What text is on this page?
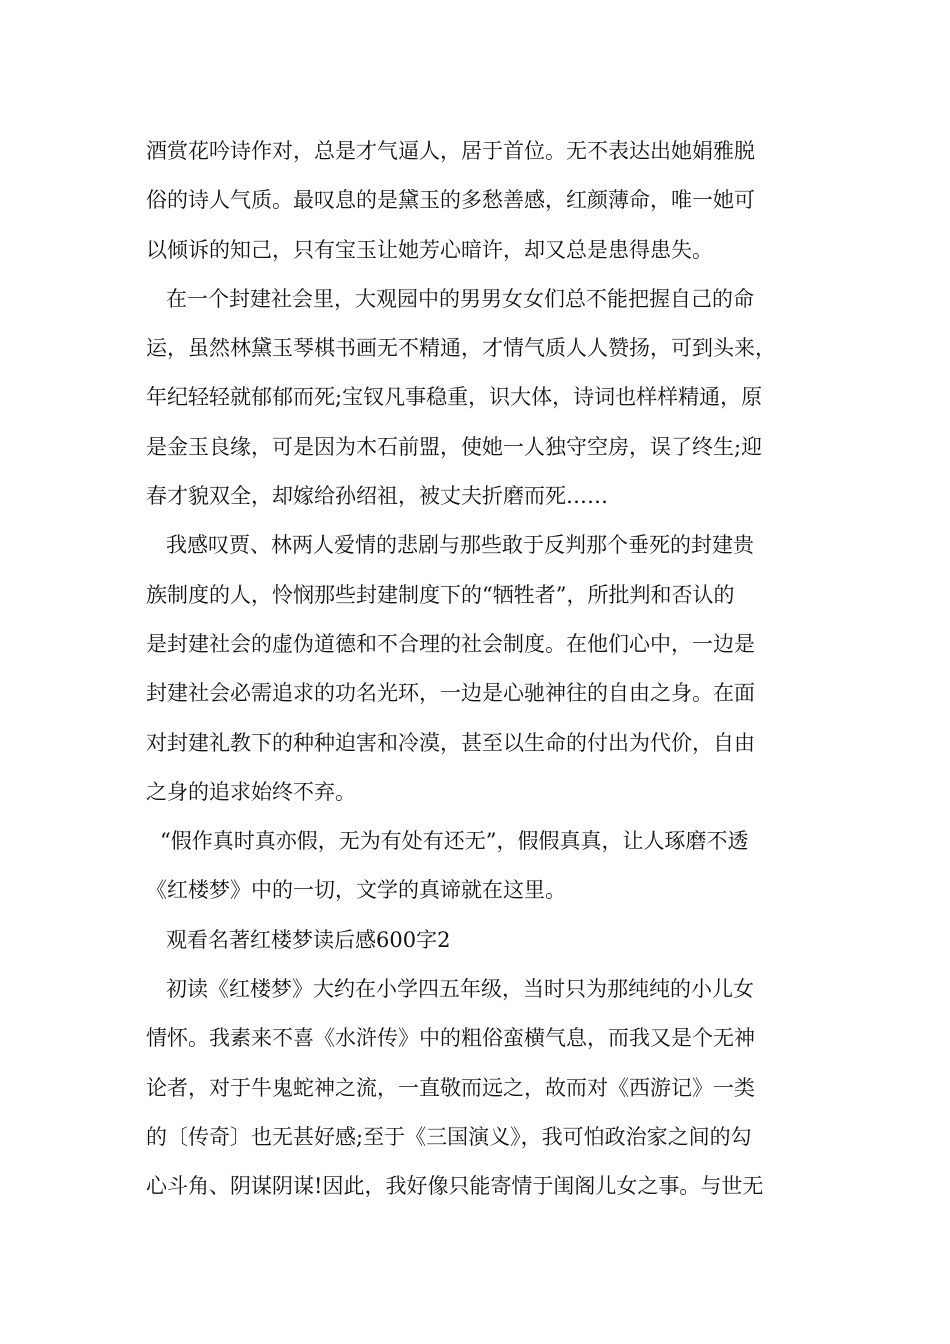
酒赏花吟诗作对，总是才气逼人，居于首位。无不表达出她娟雅脱
俗的诗人气质。最叹息的是黛玉的多愁善感，红颜薄命，唯一她可
以倾诉的知己，只有宝玉让她芳心暗许，却又总是患得患失。
在一个封建社会里，大观园中的男男女女们总不能把握自己的命
运，虽然林黛玉琴棋书画无不精通，才情气质人人赞扬，可到头来，
年纪轻轻就郁郁而死;宝钗凡事稳重，识大体，诗词也样样精通，原
是金玉良缘，可是因为木石前盟，使她一人独守空房，误了终生;迎
春才貌双全，却嫁给孙绍祖，被丈夫折磨而死……
我感叹贾、林两人爱情的悲剧与那些敢于反判那个垂死的封建贵
族制度的人，怜悯那些封建制度下的“牺牲者”，所批判和否认的
是封建社会的虚伪道德和不合理的社会制度。在他们心中，一边是
封建社会必需追求的功名光环，一边是心驰神往的自由之身。在面
对封建礼教下的种种迫害和冷漠，甚至以生命的付出为代价，自由
之身的追求始终不弃。
“假作真时真亦假，无为有处有还无”，假假真真，让人琢磨不透
《红楼梦》中的一切，文学的真谛就在这里。
观看名著红楼梦读后感600字2
初读《红楼梦》大约在小学四五年级，当时只为那纯纯的小儿女
情怀。我素来不喜《水浒传》中的粗俗蛮横气息，而我又是个无神
论者，对于牛鬼蛇神之流，一直敬而远之，故而对《西游记》一类
的〔传奇〕也无甚好感;至于《三国演义》，我可怕政治家之间的勾
心斗角、阴谋阴谋!因此，我好像只能寄情于闺阁儿女之事。与世无
